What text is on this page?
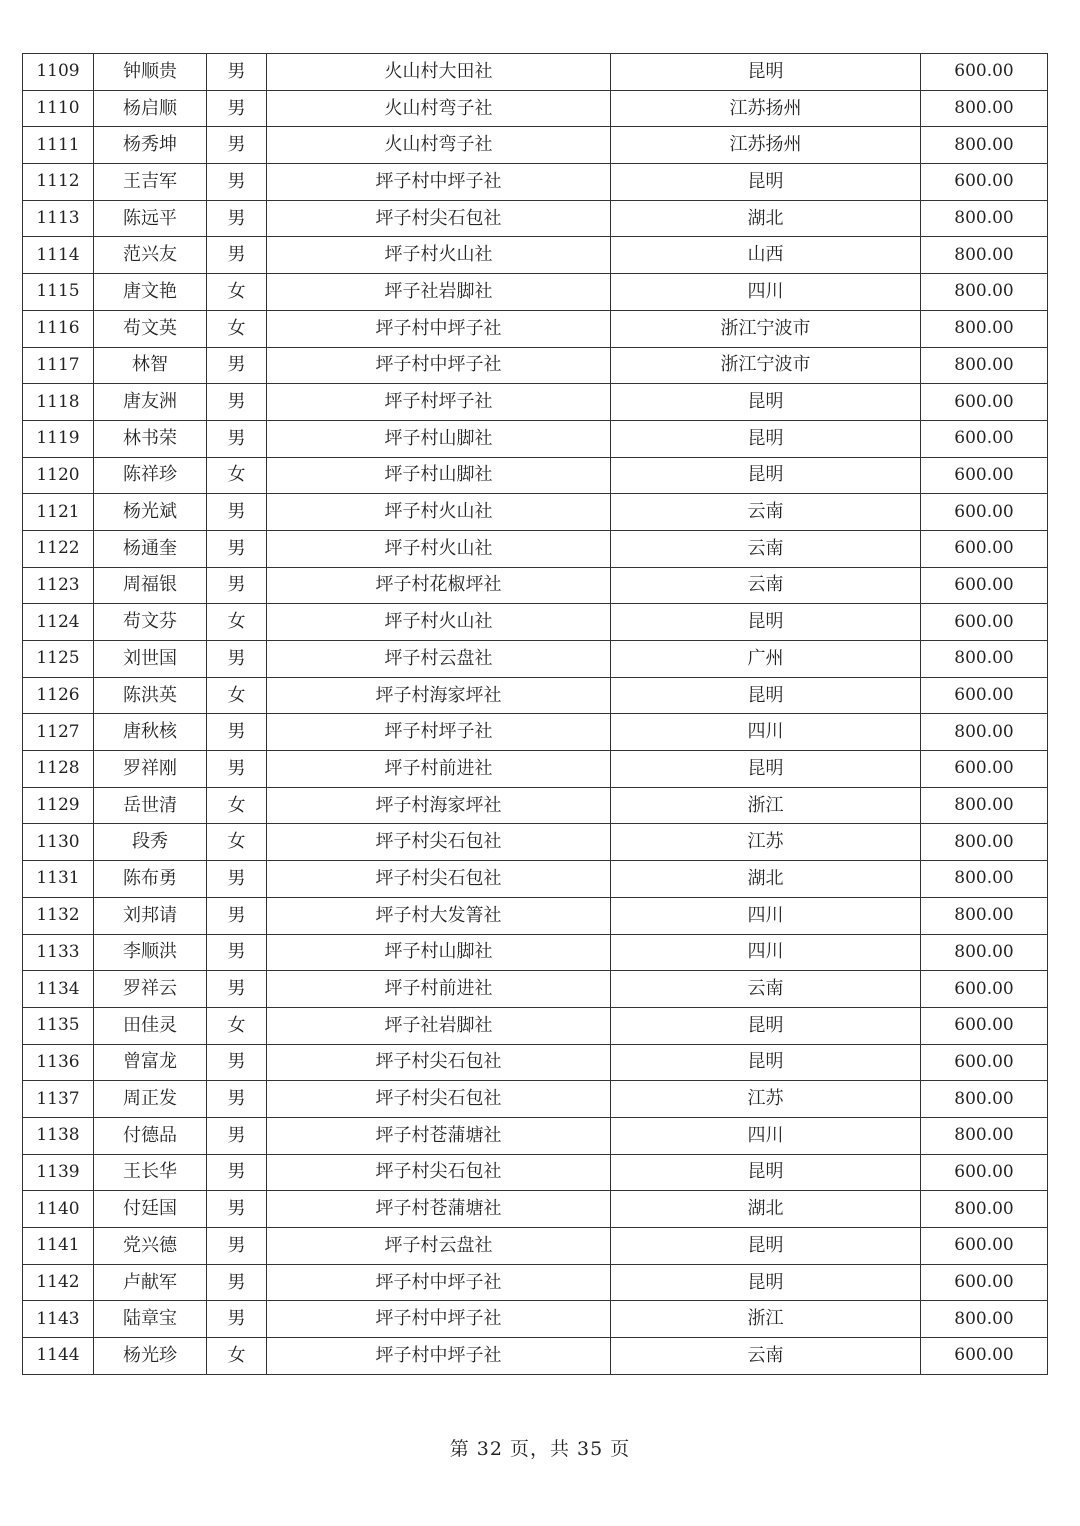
1109	钟顺贵	男	火山村大田社	昆明	600.00
1110	杨启顺	男	火山村弯子社	江苏扬州	800.00
1111	杨秀坤	男	火山村弯子社	江苏扬州	800.00
1112	王吉军	男	坪子村中坪子社	昆明	600.00
1113	陈远平	男	坪子村尖石包社	湖北	800.00
1114	范兴友	男	坪子村火山社	山西	800.00
1115	唐文艳	女	坪子社岩脚社	四川	800.00
1116	苟文英	女	坪子村中坪子社	浙江宁波市	800.00
1117	林智	男	坪子村中坪子社	浙江宁波市	800.00
1118	唐友洲	男	坪子村坪子社	昆明	600.00
1119	林书荣	男	坪子村山脚社	昆明	600.00
1120	陈祥珍	女	坪子村山脚社	昆明	600.00
1121	杨光斌	男	坪子村火山社	云南	600.00
1122	杨通奎	男	坪子村火山社	云南	600.00
1123	周福银	男	坪子村花椒坪社	云南	600.00
1124	苟文芬	女	坪子村火山社	昆明	600.00
1125	刘世国	男	坪子村云盘社	广州	800.00
1126	陈洪英	女	坪子村海家坪社	昆明	600.00
1127	唐秋核	男	坪子村坪子社	四川	800.00
1128	罗祥刚	男	坪子村前进社	昆明	600.00
1129	岳世清	女	坪子村海家坪社	浙江	800.00
1130	段秀	女	坪子村尖石包社	江苏	800.00
1131	陈布勇	男	坪子村尖石包社	湖北	800.00
1132	刘邦请	男	坪子村大发箐社	四川	800.00
1133	李顺洪	男	坪子村山脚社	四川	800.00
1134	罗祥云	男	坪子村前进社	云南	600.00
1135	田佳灵	女	坪子社岩脚社	昆明	600.00
1136	曾富龙	男	坪子村尖石包社	昆明	600.00
1137	周正发	男	坪子村尖石包社	江苏	800.00
1138	付德品	男	坪子村苍蒲塘社	四川	800.00
1139	王长华	男	坪子村尖石包社	昆明	600.00
1140	付廷国	男	坪子村苍蒲塘社	湖北	800.00
1141	党兴德	男	坪子村云盘社	昆明	600.00
1142	卢献军	男	坪子村中坪子社	昆明	600.00
1143	陆章宝	男	坪子村中坪子社	浙江	800.00
1144	杨光珍	女	坪子村中坪子社	云南	600.00
第 32 页，共 35 页
